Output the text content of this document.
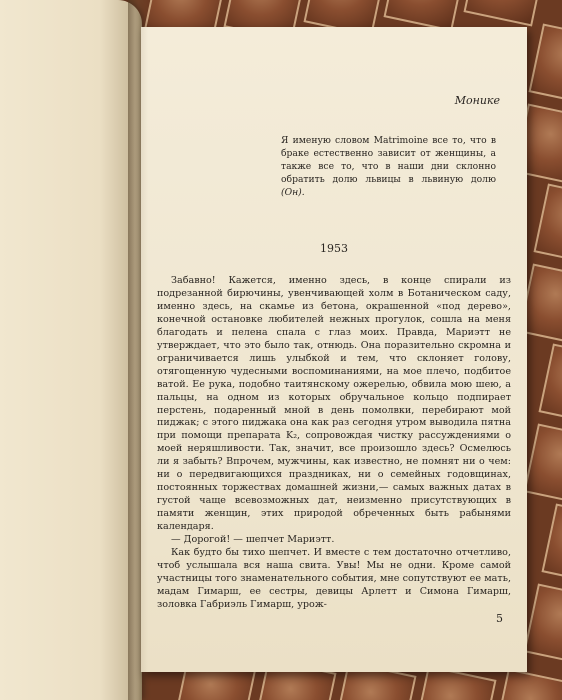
Монике
Я именую словом Matrimoine все то, что в браке естественно зависит от женщины, а также все то, что в наши дни склонно обратить долю львицы в львиную долю (Он).
1953

Забавно! Кажется, именно здесь, в конце спирали из подрезанной бирючины, увенчивающей холм в Ботаническом саду, именно здесь, на скамье из бетона, окрашенной «под дерево», конечной остановке любителей нежных прогулок, сошла на меня благодать и пелена спала с глаз моих. Правда, Мариэтт не утверждает, что это было так, отнюдь. Она поразительно скромна и ограничивается лишь улыбкой и тем, что склоняет голову, отягощенную чудесными воспоминаниями, на мое плечо, подбитое ватой. Ее рука, подобно таитянскому ожерелью, обвила мою шею, а пальцы, на одном из которых обручальное кольцо подпирает перстень, подаренный мной в день помолвки, перебирают мой пиджак; с этого пиджака она как раз сегодня утром выводила пятна при помощи препарата K₂, сопровождая чистку рассуждениями о моей неряшливости. Так, значит, все произошло здесь? Осмелюсь ли я забыть? Впрочем, мужчины, как известно, не помнят ни о чем: ни о передвигающихся праздниках, ни о семейных годовщинах, постоянных торжествах домашней жизни,— самых важных датах в густой чаще всевозможных дат, неизменно присутствующих в памяти женщин, этих природой обреченных быть рабынями календаря.

— Дорогой! — шепчет Мариэтт.

Как будто бы тихо шепчет. И вместе с тем достаточно отчетливо, чтоб услышала вся наша свита. Увы! Мы не одни. Кроме самой участницы того знаменательного события, мне сопутствуют ее мать, мадам Гимарш, ее сестры, девицы Арлетт и Симона Гимарш, золовка Габриэль Гимарш, урож-

5
